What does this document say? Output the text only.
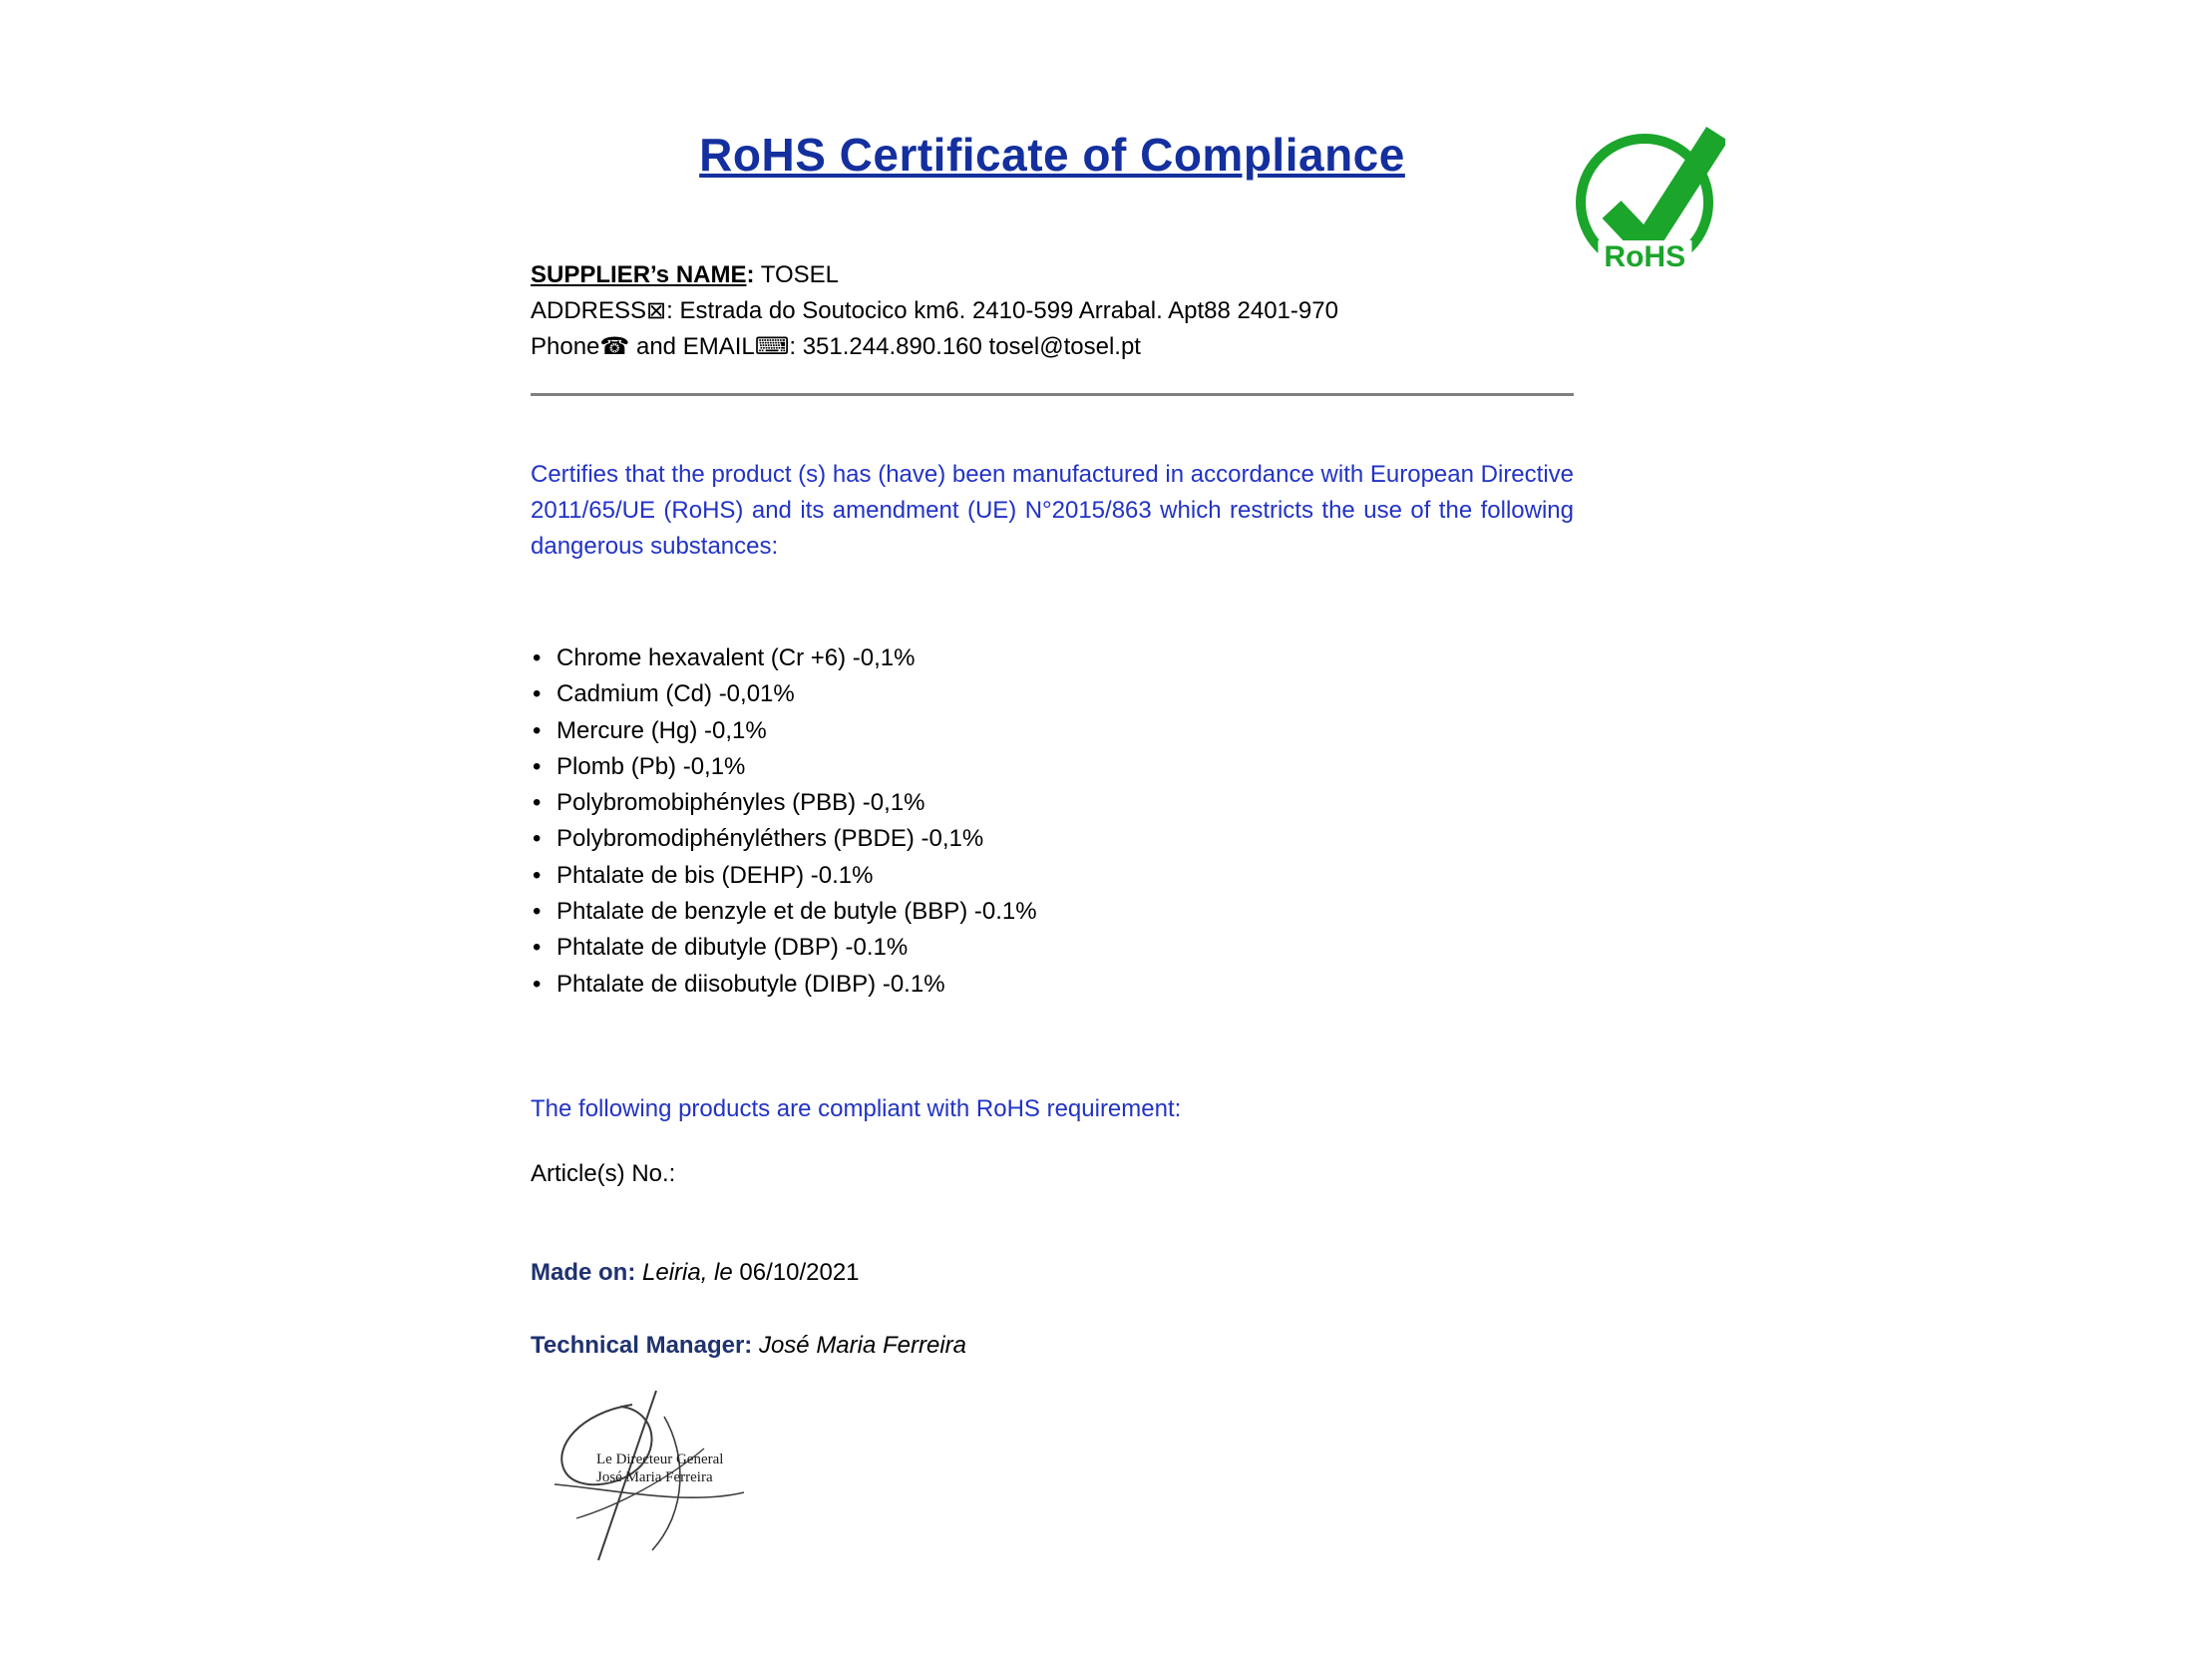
RoHS Certificate of Compliance
SUPPLIER’s NAME: TOSEL
ADDRESS⊠: Estrada do Soutocico km6. 2410-599 Arrabal. Apt88 2401-970
Phone☎ and EMAIL⌨: 351.244.890.160 tosel@tosel.pt
Certifies that the product (s) has (have) been manufactured in accordance with European Directive 2011/65/UE (RoHS) and its amendment (UE) N°2015/863 which restricts the use of the following dangerous substances:
• Chrome hexavalent (Cr +6) -0,1%
• Cadmium (Cd) -0,01%
• Mercure (Hg) -0,1%
• Plomb (Pb) -0,1%
• Polybromobiphényles (PBB) -0,1%
• Polybromodiphényléthers (PBDE) -0,1%
• Phtalate de bis (DEHP) -0.1%
• Phtalate de benzyle et de butyle (BBP) -0.1%
• Phtalate de dibutyle (DBP) -0.1%
• Phtalate de diisobutyle (DIBP) -0.1%
The following products are compliant with RoHS requirement:
Article(s) No.:
Made on: Leiria, le 06/10/2021
Technical Manager: José Maria Ferreira
Le Directeur General
José Maria Ferreira
RoHS
